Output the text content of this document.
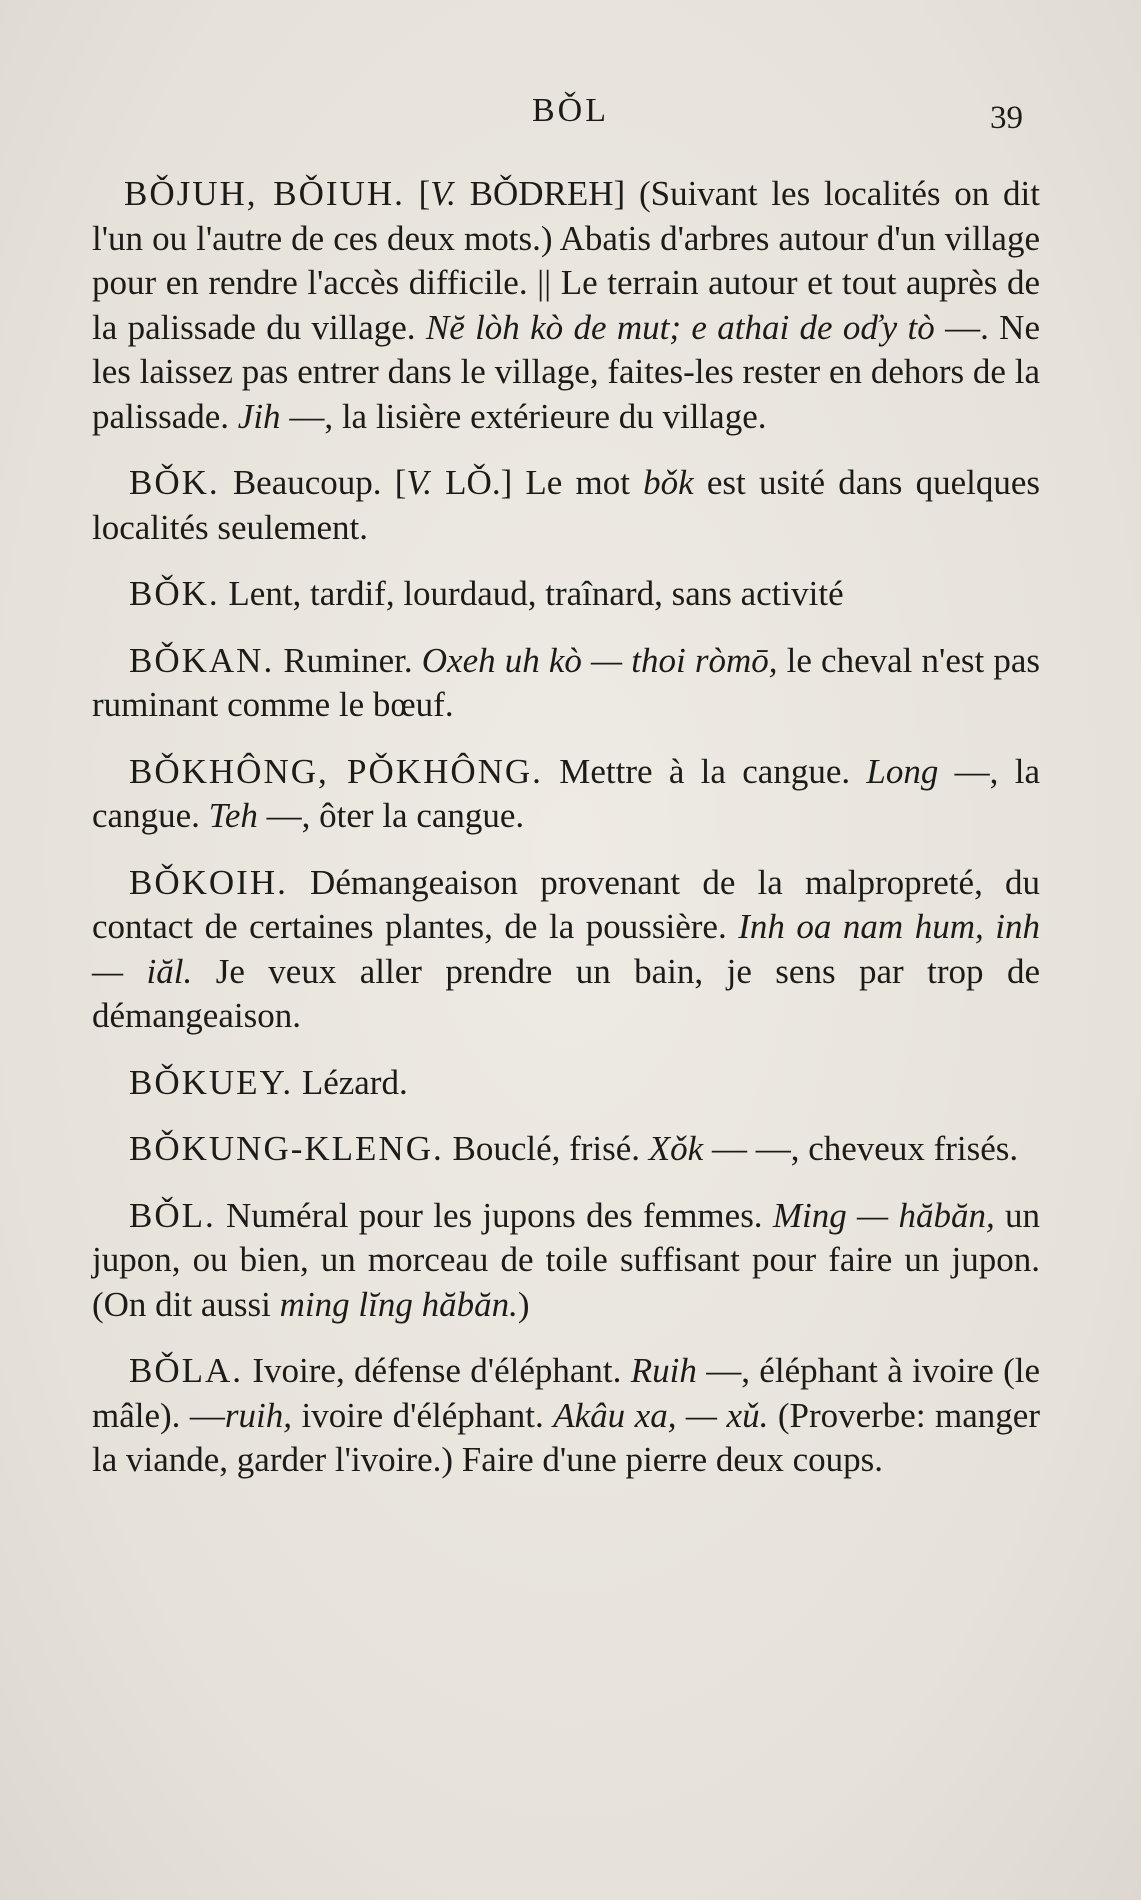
BǑL	39

BǑJUH, BǑIUH. [V. BǑDREH] (Suivant les localités on dit l'un ou l'autre de ces deux mots.) Abatis d'arbres autour d'un village pour en rendre l'accès difficile. || Le terrain autour et tout auprès de la palissade du village. Nĕ lòh kò de mut; e athai de oďy tò —. Ne les laissez pas entrer dans le village, faites-les rester en dehors de la palissade. Jih —, la lisière extérieure du village.

BǑK. Beaucoup. [V. LǑ.] Le mot bǒk est usité dans quelques localités seulement.

BǑK. Lent, tardif, lourdaud, traînard, sans activité

BǑKAN. Ruminer. Oxeh uh kò — thoi ròmō, le cheval n'est pas ruminant comme le bœuf.

BǑKHÔNG, PǑKHÔNG. Mettre à la cangue. Long —, la cangue. Teh —, ôter la cangue.

BǑKOIH. Démangeaison provenant de la malpropreté, du contact de certaines plantes, de la poussière. Inh oa nam hum, inh — iăl. Je veux aller prendre un bain, je sens par trop de démangeaison.

BǑKUEY. Lézard.

BǑKUNG-KLENG. Bouclé, frisé. Xǒk — —, cheveux frisés.

BǑL. Numéral pour les jupons des femmes. Ming — hăbăn, un jupon, ou bien, un morceau de toile suffisant pour faire un jupon. (On dit aussi ming lĭng hăbăn.)

BǑLA. Ivoire, défense d'éléphant. Ruih —, éléphant à ivoire (le mâle). —ruih, ivoire d'éléphant. Akâu xa, — xǔ. (Proverbe: manger la viande, garder l'ivoire.) Faire d'une pierre deux coups.
